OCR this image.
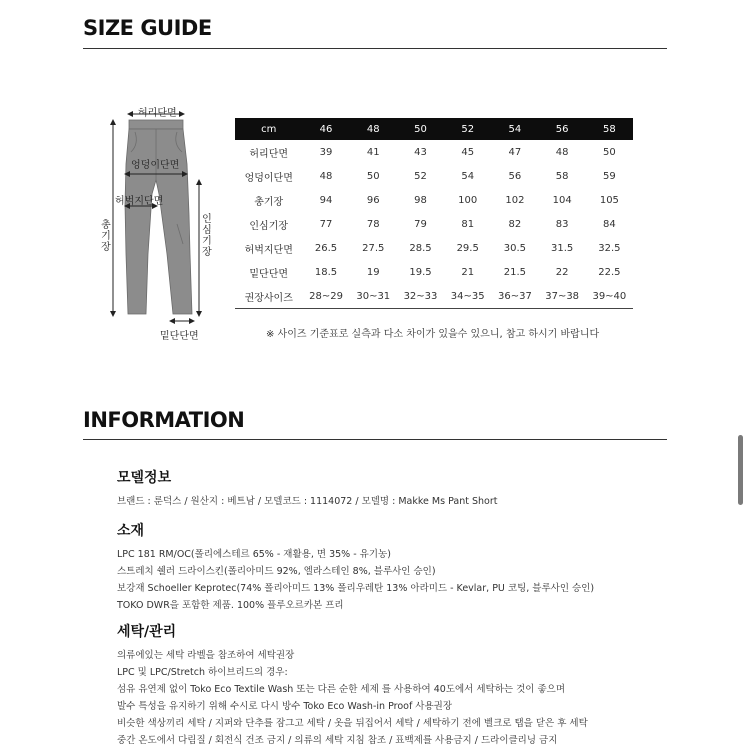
SIZE GUIDE
허리단면
엉덩이단면
허벅지단면
총기장
인심기장
밑단단면
cm	46	48	50	52	54	56	58
허리단면	39	41	43	45	47	48	50
엉덩이단면	48	50	52	54	56	58	59
총기장	94	96	98	100	102	104	105
인심기장	77	78	79	81	82	83	84
허벅지단면	26.5	27.5	28.5	29.5	30.5	31.5	32.5
밑단단면	18.5	19	19.5	21	21.5	22	22.5
권장사이즈	28~29	30~31	32~33	34~35	36~37	37~38	39~40
※ 사이즈 기준표로 실측과 다소 차이가 있을수 있으니, 참고 하시기 바랍니다
INFORMATION
모델정보

브랜드 : 룬덕스 / 원산지 : 베트남 / 모델코드 : 1114072 / 모델명 : Makke Ms Pant Short

소재

LPC 181 RM/OC(폴리에스테르 65% - 재활용, 면 35% - 유기농)

스트레치 쉘러 드라이스킨(폴리아미드 92%, 엘라스테인 8%, 블루사인 승인)

보강재 Schoeller Keprotec(74% 폴리아미드 13% 폴리우레탄 13% 아라미드 - Kevlar, PU 코팅, 블루사인 승인)

TOKO DWR을 포함한 제품. 100% 플루오르카본 프리

세탁/관리

의류에있는 세탁 라벨을 참조하여 세탁권장

LPC 및 LPC/Stretch 하이브리드의 경우:

섬유 유연제 없이 Toko Eco Textile Wash 또는 다른 순한 세제 를 사용하여 40도에서 세탁하는 것이 좋으며

발수 특성을 유지하기 위해 수시로 다시 방수 Toko Eco Wash-in Proof 사용권장

비슷한 색상끼리 세탁 / 지퍼와 단추를 잠그고 세탁 / 옷을 뒤집어서 세탁 / 세탁하기 전에 벨크로 탭을 닫은 후 세탁

중간 온도에서 다림질 / 회전식 건조 금지 / 의류의 세탁 지침 참조 / 표백제를 사용금지 / 드라이클리닝 금지
